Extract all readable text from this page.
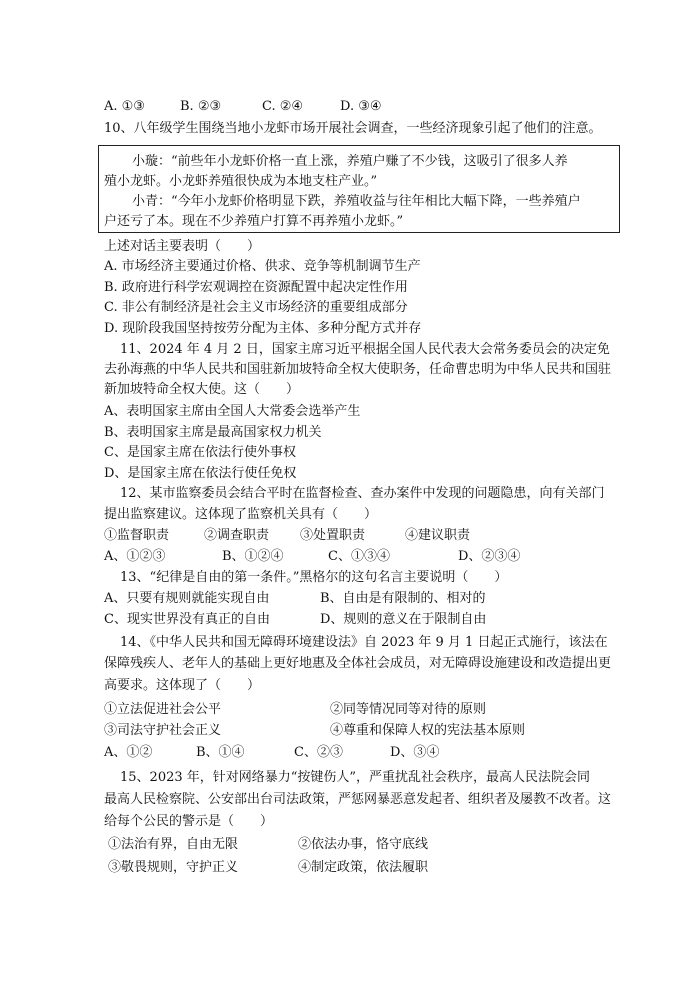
A. ①③	B. ②③	C. ②④	D. ③④
10、八年级学生围绕当地小龙虾市场开展社会调查，一些经济现象引起了他们的注意。
小璇：“前些年小龙虾价格一直上涨，养殖户赚了不少钱，这吸引了很多人养
殖小龙虾。小龙虾养殖很快成为本地支柱产业。”
小青：“今年小龙虾价格明显下跌，养殖收益与往年相比大幅下降，一些养殖户
户还亏了本。现在不少养殖户打算不再养殖小龙虾。”
上述对话主要表明（　　）
A. 市场经济主要通过价格、供求、竞争等机制调节生产
B. 政府进行科学宏观调控在资源配置中起决定性作用
C. 非公有制经济是社会主义市场经济的重要组成部分
D. 现阶段我国坚持按劳分配为主体、多种分配方式并存
11、2024 年 4 月 2 日，国家主席习近平根据全国人民代表大会常务委员会的决定免
去孙海燕的中华人民共和国驻新加坡特命全权大使职务，任命曹忠明为中华人民共和国驻
新加坡特命全权大使。这（　　）
A、表明国家主席由全国人大常委会选举产生
B、表明国家主席是最高国家权力机关
C、是国家主席在依法行使外事权
D、是国家主席在依法行使任免权
12、某市监察委员会结合平时在监督检查、查办案件中发现的问题隐患，向有关部门
提出监察建议。这体现了监察机关具有（　　）
①监督职责	②调查职责 ③处置职责	④建议职责
A、①②③	B、①②④	C、①③④	D、②③④
13、“纪律是自由的第一条件。”黑格尔的这句名言主要说明（　　）
A、只要有规则就能实现自由	B、自由是有限制的、相对的
C、现实世界没有真正的自由	D、规则的意义在于限制自由
14、《中华人民共和国无障碍环境建设法》自 2023 年 9 月 1 日起正式施行，该法在
保障残疾人、老年人的基础上更好地惠及全体社会成员，对无障碍设施建设和改造提出更
高要求。这体现了（　　）
①立法促进社会公平	②同等情况同等对待的原则
③司法守护社会正义	④尊重和保障人权的宪法基本原则
A、①②	B、①④	C、②③	D、③④
15、2023 年，针对网络暴力“按键伤人”，严重扰乱社会秩序，最高人民法院会同
最高人民检察院、公安部出台司法政策，严惩网暴恶意发起者、组织者及屡教不改者。这
给每个公民的警示是（　　）
①法治有界，自由无限	②依法办事，恪守底线
③敬畏规则，守护正义	④制定政策，依法履职
